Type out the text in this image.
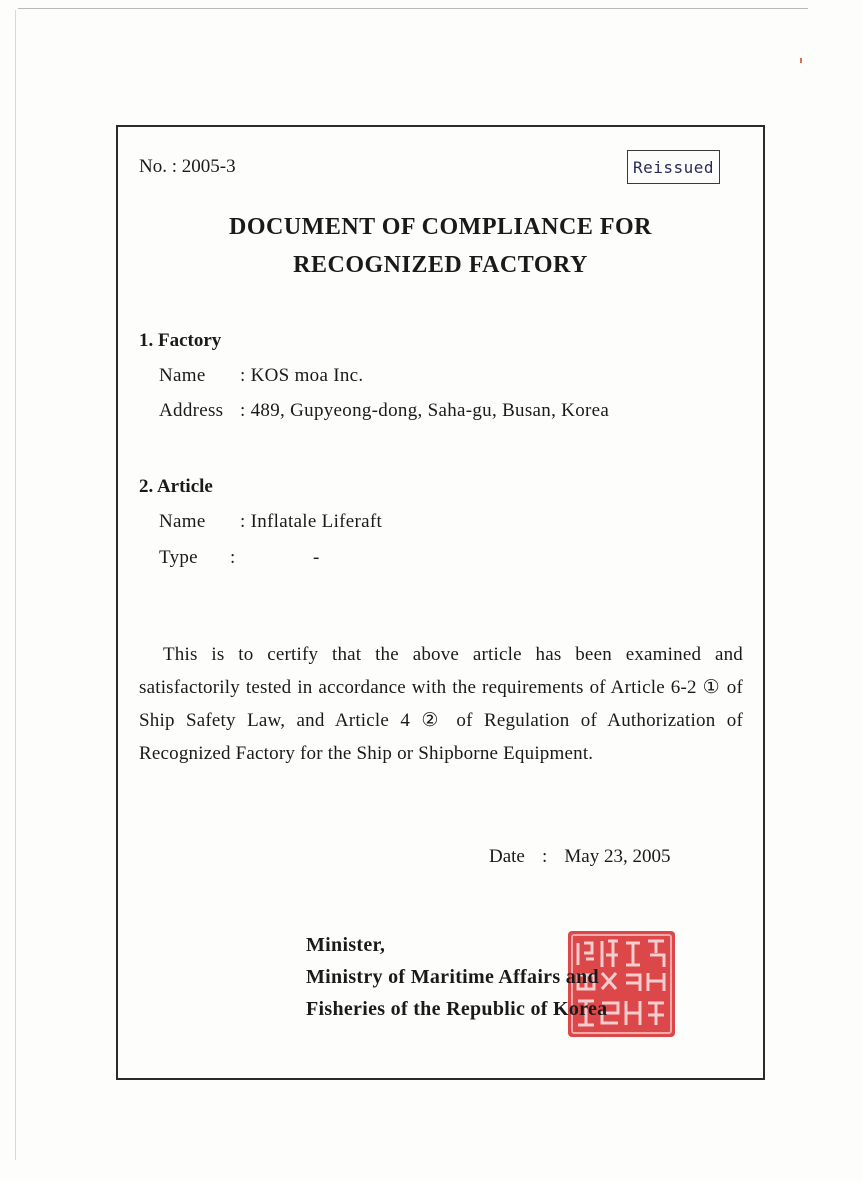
No. : 2005-3	Reissued
DOCUMENT OF COMPLIANCE FOR
RECOGNIZED FACTORY
1. Factory
Name : KOS moa Inc.
Address : 489, Gupyeong-dong, Saha-gu, Busan, Korea
2. Article
Name : Inflatale Liferaft
Type :	-
This is to certify that the above article has been examined and satisfactorily tested in accordance with the requirements of Article 6-2 ① of Ship Safety Law, and Article 4 ② of Regulation of Authorization of Recognized Factory for the Ship or Shipborne Equipment.
Date : May 23, 2005
Minister,
Ministry of Maritime Affairs and
Fisheries of the Republic of Korea
